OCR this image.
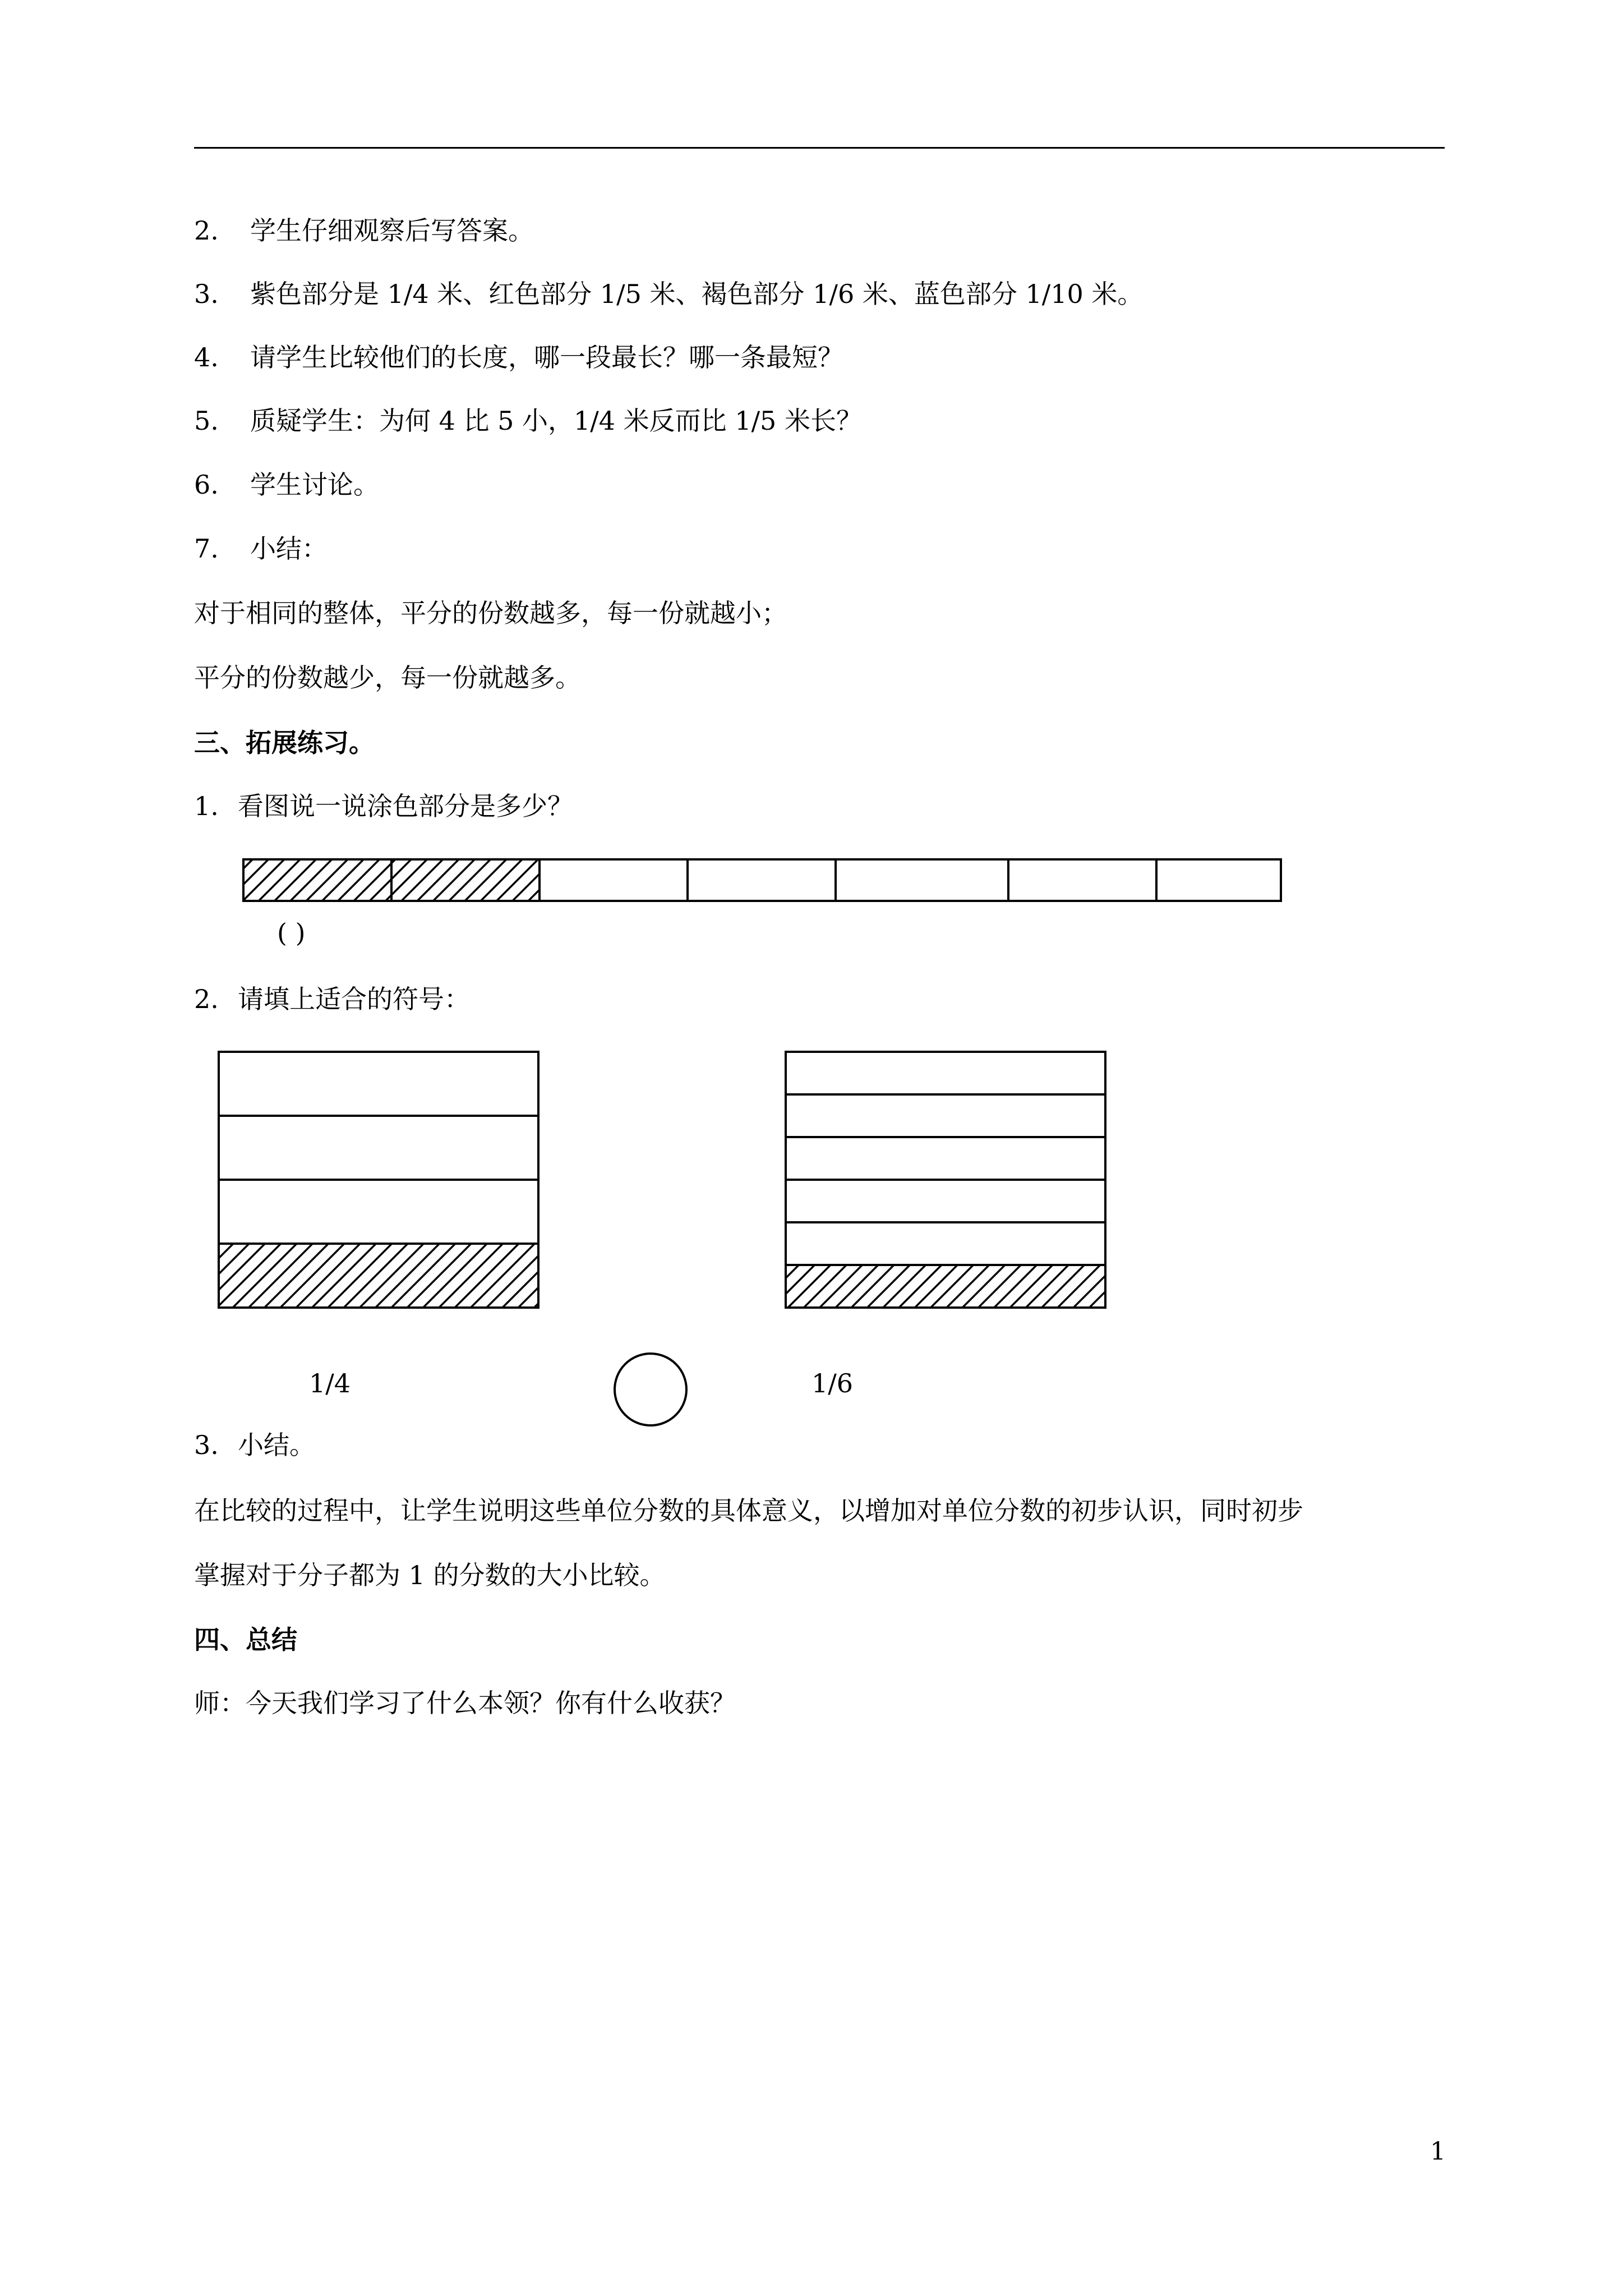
2. 学生仔细观察后写答案。
3. 紫色部分是 1/4 米、红色部分 1/5 米、褐色部分 1/6 米、蓝色部分 1/10 米。
4. 请学生比较他们的长度，哪一段最长？哪一条最短？
5. 质疑学生：为何 4 比 5 小，1/4 米反而比 1/5 米长？
6. 学生讨论。
7. 小结：
对于相同的整体，平分的份数越多，每一份就越小；
平分的份数越少，每一份就越多。
三、拓展练习。
1. 看图说一说涂色部分是多少？
( )
2. 请填上适合的符号：
1/4	1/6
3. 小结。
在比较的过程中，让学生说明这些单位分数的具体意义，以增加对单位分数的初步认识，同时初步
掌握对于分子都为 1 的分数的大小比较。
四、总结
师：今天我们学习了什么本领？你有什么收获？
1
